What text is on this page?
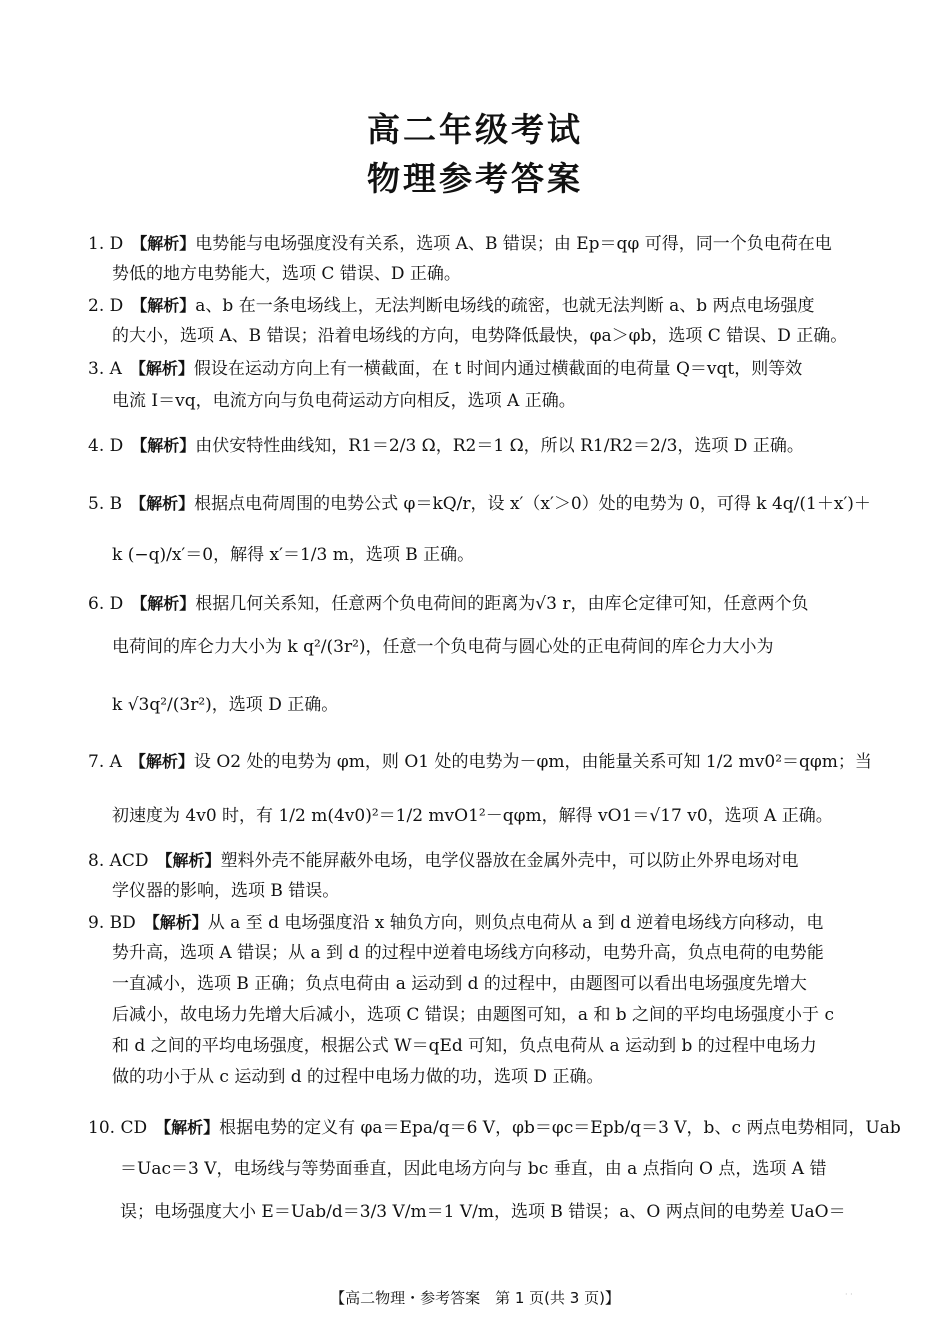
高二年级考试
物理参考答案
1. D 【解析】电势能与电场强度没有关系，选项 A、B 错误；由 Ep＝qφ 可得，同一个负电荷在电
势低的地方电势能大，选项 C 错误、D 正确。
2. D 【解析】a、b 在一条电场线上，无法判断电场线的疏密，也就无法判断 a、b 两点电场强度
的大小，选项 A、B 错误；沿着电场线的方向，电势降低最快，φa＞φb，选项 C 错误、D 正确。
3. A 【解析】假设在运动方向上有一横截面，在 t 时间内通过横截面的电荷量 Q＝vqt，则等效
电流 I＝vq，电流方向与负电荷运动方向相反，选项 A 正确。
4. D 【解析】由伏安特性曲线知，R1＝2/3 Ω，R2＝1 Ω，所以 R1/R2＝2/3，选项 D 正确。
5. B 【解析】根据点电荷周围的电势公式 φ＝kQ/r，设 x′（x′＞0）处的电势为 0，可得 k 4q/(1＋x′)＋
k (−q)/x′＝0，解得 x′＝1/3 m，选项 B 正确。
6. D 【解析】根据几何关系知，任意两个负电荷间的距离为√3 r，由库仑定律可知，任意两个负
电荷间的库仑力大小为 k q²/(3r²)，任意一个负电荷与圆心处的正电荷间的库仑力大小为
k √3q²/(3r²)，选项 D 正确。
7. A 【解析】设 O2 处的电势为 φm，则 O1 处的电势为－φm，由能量关系可知 1/2 mv0²＝qφm；当
初速度为 4v0 时，有 1/2 m(4v0)²＝1/2 mvO1²－qφm，解得 vO1＝√17 v0，选项 A 正确。
8. ACD 【解析】塑料外壳不能屏蔽外电场，电学仪器放在金属外壳中，可以防止外界电场对电
学仪器的影响，选项 B 错误。
9. BD 【解析】从 a 至 d 电场强度沿 x 轴负方向，则负点电荷从 a 到 d 逆着电场线方向移动，电
势升高，选项 A 错误；从 a 到 d 的过程中逆着电场线方向移动，电势升高，负点电荷的电势能
一直减小，选项 B 正确；负点电荷由 a 运动到 d 的过程中，由题图可以看出电场强度先增大
后减小，故电场力先增大后减小，选项 C 错误；由题图可知，a 和 b 之间的平均电场强度小于 c
和 d 之间的平均电场强度，根据公式 W＝qEd 可知，负点电荷从 a 运动到 b 的过程中电场力
做的功小于从 c 运动到 d 的过程中电场力做的功，选项 D 正确。
10. CD 【解析】根据电势的定义有 φa＝Epa/q＝6 V，φb＝φc＝Epb/q＝3 V，b、c 两点电势相同，Uab
＝Uac＝3 V，电场线与等势面垂直，因此电场方向与 bc 垂直，由 a 点指向 O 点，选项 A 错
误；电场强度大小 E＝Uab/d＝3/3 V/m＝1 V/m，选项 B 错误；a、O 两点间的电势差 UaO＝
【高二物理・参考答案　第 1 页(共 3 页)】	· ·
